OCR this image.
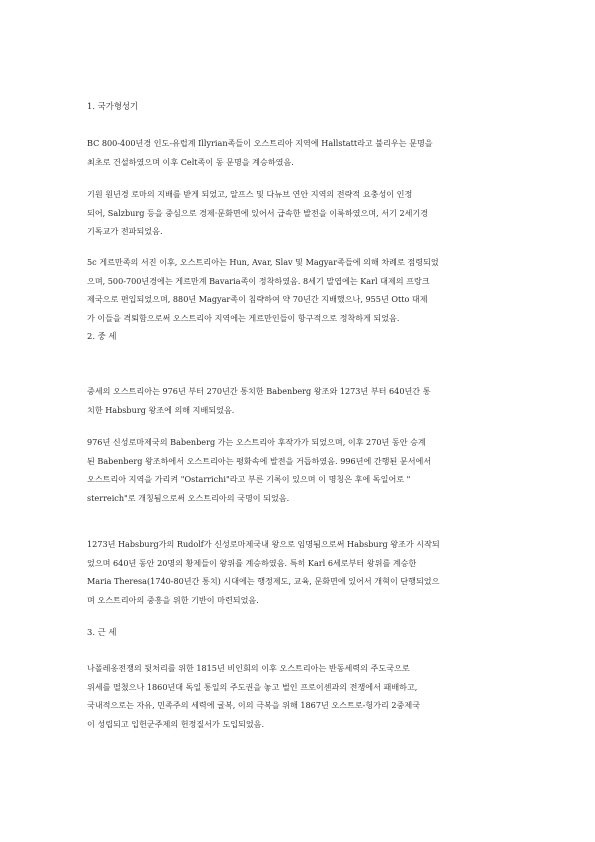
1. 국가형성기

BC 800-400년경 인도-유럽계 Illyrian족들이 오스트리아 지역에 Hallstatt라고 불리우는 문명을
최초로 건설하였으며 이후 Celt족이 동 문명을 계승하였음.

기원 원년경 로마의 지배를 받게 되었고, 알프스 및 다뉴브 연안 지역의 전략적 요충성이 인정
되어, Salzburg 등을 중심으로 경제·문화면에 있어서 급속한 발전을 이룩하였으며, 서기 2세기경
기독교가 전파되었음.

5c 게르만족의 서진 이후, 오스트리아는 Hun, Avar, Slav 및 Magyar족들에 의해 차례로 점령되었
으며, 500-700년경에는 게르만계 Bavaria족이 정착하였음. 8세기 말엽에는 Karl 대제의 프랑크
제국으로 편입되었으며, 880년 Magyar족이 침략하여 약 70년간 지배했으나, 955년 Otto 대제
가 이들을 격퇴함으로써 오스트리아 지역에는 게르만인들이 항구적으로 정착하게 되었음.

2. 중 세

중세의 오스트리아는 976년 부터 270년간 통치한 Babenberg 왕조와 1273년 부터 640년간 통
치한 Habsburg 왕조에 의해 지배되었음.

976년 신성로마제국의 Babenberg 가는 오스트리아 후작가가 되었으며, 이후 270년 동안 승계
된 Babenberg 왕조하에서 오스트리아는 평화속에 발전을 거듭하였음. 996년에 간행된 문서에서
오스트리아 지역을 가리켜 "Ostarrichi"라고 부른 기록이 있으며 이 명칭은 후에 독일어로 "
sterreich"로 개칭됨으로써 오스트리아의 국명이 되었음.

1273년 Habsburg가의 Rudolf가 신성로마제국내 왕으로 임명됨으로써 Habsburg 왕조가 시작되
었으며 640년 동안 20명의 황제들이 왕위를 계승하였음. 특히 Karl 6세로부터 왕위를 계승한
Maria Theresa(1740-80년간 통치) 시대에는 행정제도, 교육, 문화면에 있어서 개혁이 단행되었으
며 오스트리아의 중흥을 위한 기반이 마련되었음.

3. 근 세

나폴레옹전쟁의 뒷처리를 위한 1815년 비인회의 이후 오스트리아는 반동세력의 주도국으로
위세를 떨쳤으나 1860년대 독일 통일의 주도권을 놓고 벌인 프로이센과의 전쟁에서 패배하고,
국내적으로는 자유, 민족주의 세력에 굴복, 이의 극복을 위해 1867년 오스트로-헝가리 2중제국
이 성립되고 입헌군주제의 헌정질서가 도입되었음.
